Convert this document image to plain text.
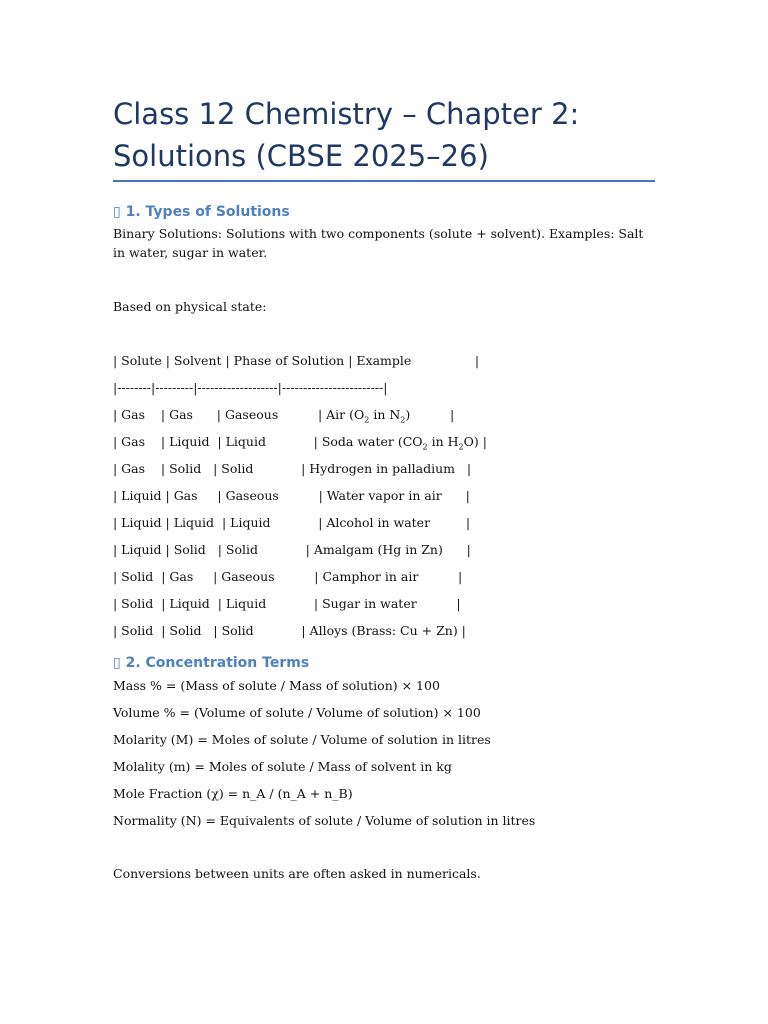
Class 12 Chemistry – Chapter 2: Solutions (CBSE 2025–26)
▯ 1. Types of Solutions
Binary Solutions: Solutions with two components (solute + solvent). Examples: Salt in water, sugar in water.
Based on physical state:
| Solute | Solvent | Phase of Solution | Example                |
|--------|---------|-------------------|------------------------|
| Gas    | Gas      | Gaseous          | Air ($O_2$ in $N_2$)          |
| Gas    | Liquid  | Liquid            | Soda water ($CO_2$ in $H_2O$) |
| Gas    | Solid   | Solid            | Hydrogen in palladium   |
| Liquid | Gas     | Gaseous          | Water vapor in air      |
| Liquid | Liquid  | Liquid            | Alcohol in water         |
| Liquid | Solid   | Solid            | Amalgam (Hg in Zn)      |
| Solid  | Gas     | Gaseous          | Camphor in air          |
| Solid  | Liquid  | Liquid            | Sugar in water          |
| Solid  | Solid   | Solid            | Alloys (Brass: Cu + Zn) |
▯ 2. Concentration Terms
Mass % = (Mass of solute / Mass of solution) × 100
Volume % = (Volume of solute / Volume of solution) × 100
Molarity (M) = Moles of solute / Volume of solution in litres
Molality (m) = Moles of solute / Mass of solvent in kg
Mole Fraction (χ) = n_A / (n_A + n_B)
Normality (N) = Equivalents of solute / Volume of solution in litres
Conversions between units are often asked in numericals.
